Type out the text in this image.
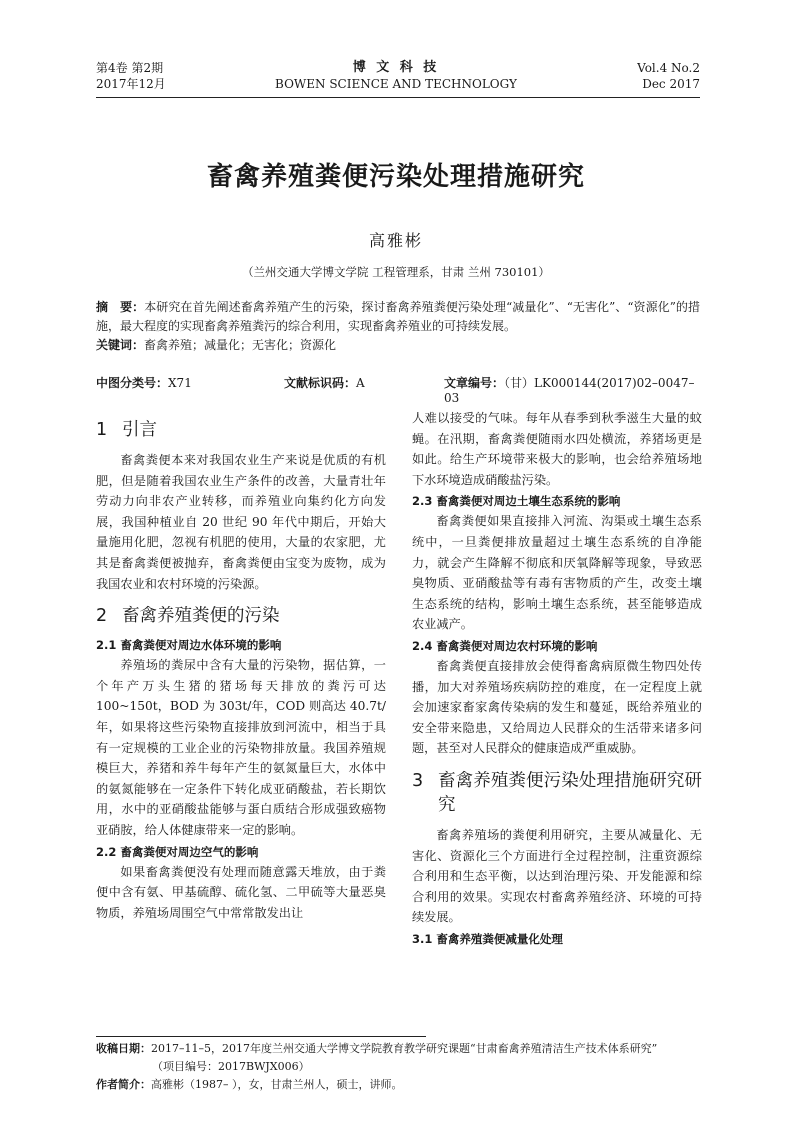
第4卷 第2期
2017年12月
博 文 科 技
BOWEN SCIENCE AND TECHNOLOGY
Vol.4 No.2
Dec 2017
畜禽养殖粪便污染处理措施研究
高雅彬
（兰州交通大学博文学院 工程管理系，甘肃 兰州 730101）
摘　要：本研究在首先阐述畜禽养殖产生的污染，探讨畜禽养殖粪便污染处理“减量化”、“无害化”、“资源化”的措施，最大程度的实现畜禽养殖粪污的综合利用，实现畜禽养殖业的可持续发展。
关键词：畜禽养殖；减量化；无害化；资源化
中图分类号：X71	文献标识码：A	文章编号：（甘）LK000144(2017)02–0047–03
1 引言

畜禽粪便本来对我国农业生产来说是优质的有机肥，但是随着我国农业生产条件的改善，大量青壮年劳动力向非农产业转移，而养殖业向集约化方向发展，我国种植业自 20 世纪 90 年代中期后，开始大量施用化肥，忽视有机肥的使用，大量的农家肥，尤其是畜禽粪便被抛弃，畜禽粪便由宝变为废物，成为我国农业和农村环境的污染源。

2 畜禽养殖粪便的污染
2.1 畜禽粪便对周边水体环境的影响

养殖场的粪尿中含有大量的污染物，据估算，一个年产万头生猪的猪场每天排放的粪污可达 100~150t，BOD 为 303t/年，COD 则高达 40.7t/年，如果将这些污染物直接排放到河流中，相当于具有一定规模的工业企业的污染物排放量。我国养殖规模巨大，养猪和养牛每年产生的氨氮量巨大，水体中的氨氮能够在一定条件下转化成亚硝酸盐，若长期饮用，水中的亚硝酸盐能够与蛋白质结合形成强致癌物亚硝胺，给人体健康带来一定的影响。

2.2 畜禽粪便对周边空气的影响

如果畜禽粪便没有处理而随意露天堆放，由于粪便中含有氨、甲基硫醇、硫化氢、二甲硫等大量恶臭物质，养殖场周围空气中常常散发出让

人难以接受的气味。每年从春季到秋季滋生大量的蚊蝇。在汛期，畜禽粪便随雨水四处横流，养猪场更是如此。给生产环境带来极大的影响，也会给养殖场地下水环境造成硝酸盐污染。

2.3 畜禽粪便对周边土壤生态系统的影响

畜禽粪便如果直接排入河流、沟渠或土壤生态系统中，一旦粪便排放量超过土壤生态系统的自净能力，就会产生降解不彻底和厌氧降解等现象，导致恶臭物质、亚硝酸盐等有毒有害物质的产生，改变土壤生态系统的结构，影响土壤生态系统，甚至能够造成农业减产。

2.4 畜禽粪便对周边农村环境的影响

畜禽粪便直接排放会使得畜禽病原微生物四处传播，加大对养殖场疾病防控的难度，在一定程度上就会加速家畜家禽传染病的发生和蔓延，既给养殖业的安全带来隐患，又给周边人民群众的生活带来诸多问题，甚至对人民群众的健康造成严重威胁。

3 畜禽养殖粪便污染处理措施研究研究

畜禽养殖场的粪便利用研究，主要从减量化、无害化、资源化三个方面进行全过程控制，注重资源综合利用和生态平衡，以达到治理污染、开发能源和综合利用的效果。实现农村畜禽养殖经济、环境的可持续发展。

3.1 畜禽养殖粪便减量化处理
收稿日期：2017–11–5，2017年度兰州交通大学博文学院教育教学研究课题“甘肃畜禽养殖清洁生产技术体系研究”
（项目编号：2017BWJX006）
作者简介：高雅彬（1987– ），女，甘肃兰州人，硕士，讲师。
